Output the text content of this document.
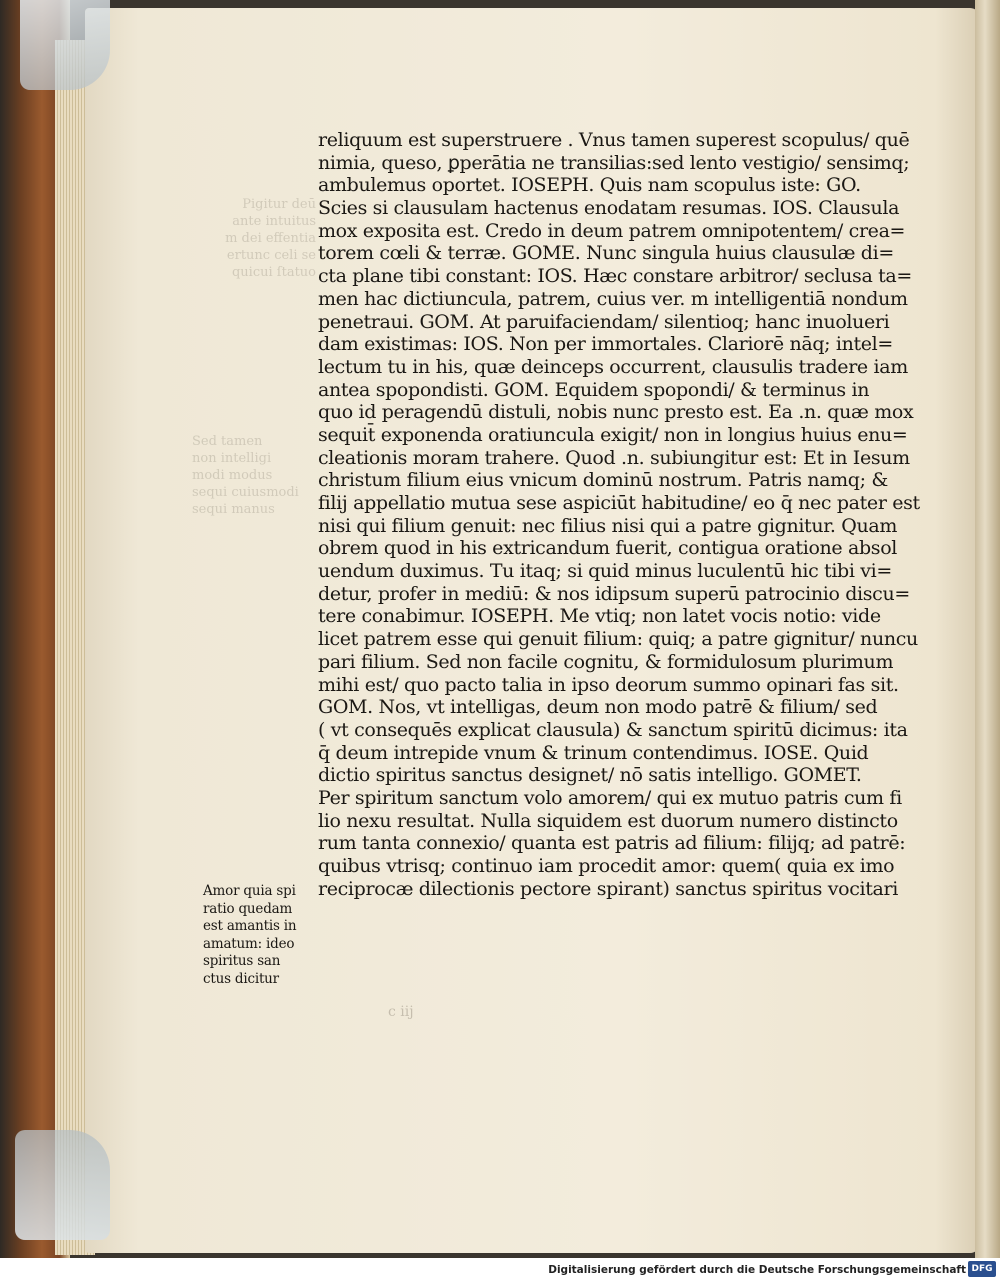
Pigitur deū
ante intuitus
m dei effentia
ertunc celi se
quicui ſtatuo
Sed tamen
non intelligi
modi modus
sequi cuiusmodi
sequi manus
reliquum est superstruere . Vnus tamen superest scopulus/ quē
nimia, queso, ꝑperātia ne transilias:sed lento vestigio/ sensimq;
ambulemus oportet. IOSEPH. Quis nam scopulus iste: GO.
Scies si clausulam hactenus enodatam resumas. IOS. Clausula
mox exposita est. Credo in deum patrem omnipotentem/ crea=
torem cœli & terræ. GOME. Nunc singula huius clausulæ di=
cta plane tibi constant: IOS. Hæc constare arbitror/ seclusa ta=
men hac dictiuncula, patrem, cuius ver. m intelligentiā nondum
penetraui. GOM. At paruifaciendam/ silentioq; hanc inuolueri
dam existimas: IOS. Non per immortales. Clariorē nāq; intel=
lectum tu in his, quæ deinceps occurrent, clausulis tradere iam
antea spopondisti. GOM. Equidem spopondi/ & terminus in
quo id peragendū distuli, nobis nunc presto est. Ea .n. quæ mox
sequit̄ exponenda oratiuncula exigit/ non in longius huius enu=
cleationis moram trahere. Quod .n. subiungitur est: Et in Iesum
christum filium eius vnicum dominū nostrum. Patris namq; &
filij appellatio mutua sese aspiciūt habitudine/ eo q̄ nec pater est
nisi qui filium genuit: nec filius nisi qui a patre gignitur. Quam
obrem quod in his extricandum fuerit, contigua oratione absol
uendum duximus. Tu itaq; si quid minus luculentū hic tibi vi=
detur, profer in mediū: & nos idipsum superū patrocinio discu=
tere conabimur. IOSEPH. Me vtiq; non latet vocis notio: vide
licet patrem esse qui genuit filium: quiq; a patre gignitur/ nuncu
pari filium. Sed non facile cognitu, & formidulosum plurimum
mihi est/ quo pacto talia in ipso deorum summo opinari fas sit.
GOM. Nos, vt intelligas, deum non modo patrē & filium/ sed
( vt consequēs explicat clausula) & sanctum spiritū dicimus: ita
q̄ deum intrepide vnum & trinum contendimus. IOSE. Quid
dictio spiritus sanctus designet/ nō satis intelligo. GOMET.
Per spiritum sanctum volo amorem/ qui ex mutuo patris cum fi
lio nexu resultat. Nulla siquidem est duorum numero distincto
rum tanta connexio/ quanta est patris ad filium: filijq; ad patrē:
quibus vtrisq; continuo iam procedit amor: quem( quia ex imo
reciprocæ dilectionis pectore spirant) sanctus spiritus vocitari
Amor quia spi
ratio quedam
est amantis in
amatum: ideo
spiritus san
ctus dicitur
c iij
Digitalisierung gefördert durch die Deutsche Forschungsgemeinschaft DFG
